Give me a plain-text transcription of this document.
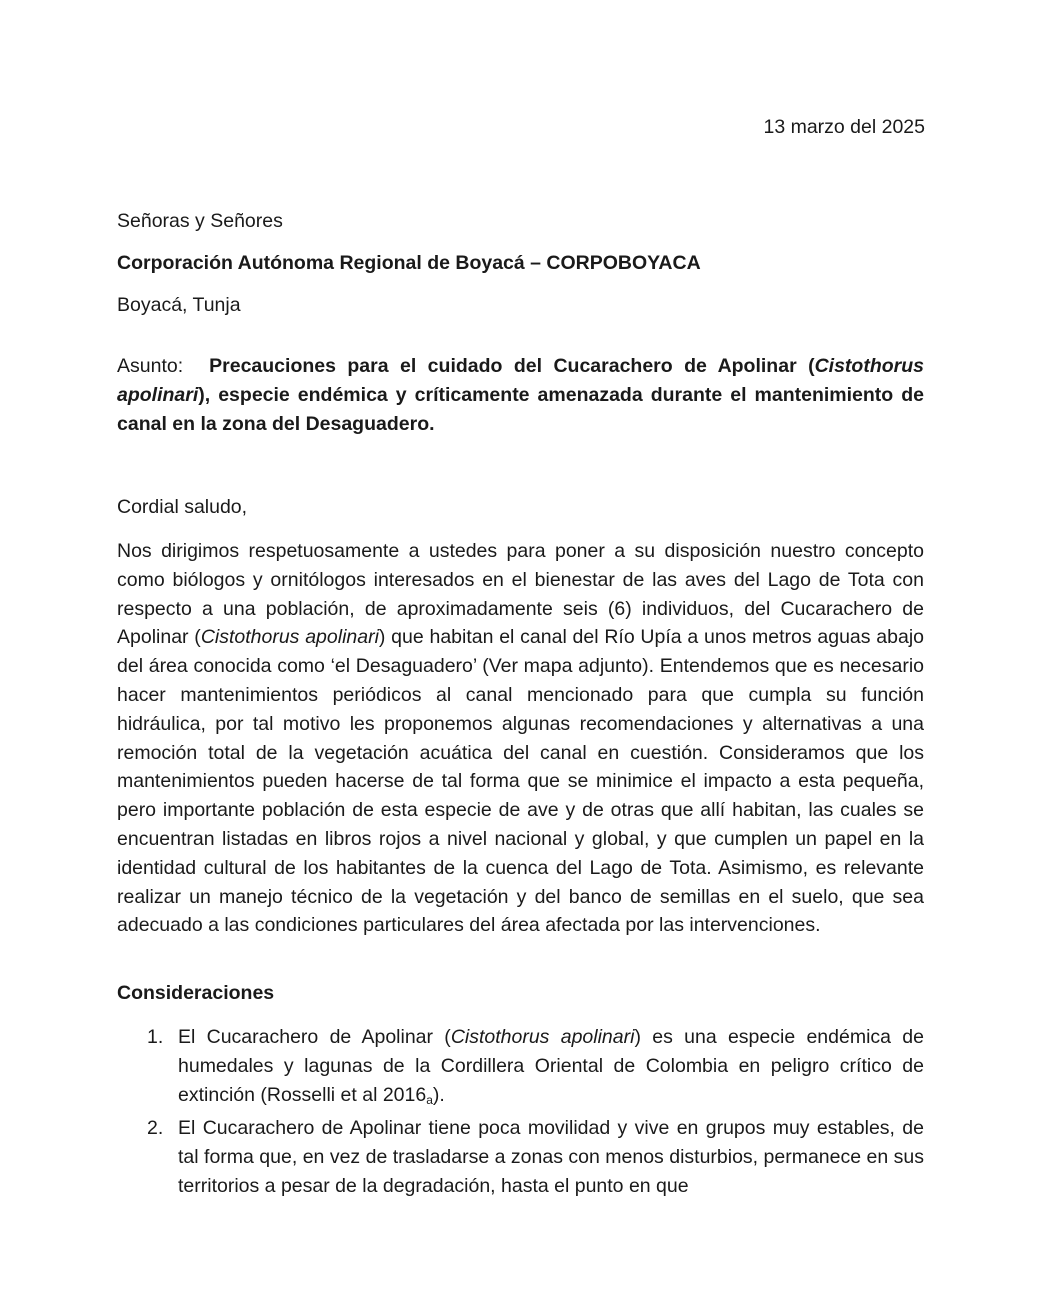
13 marzo del 2025
Señoras y Señores
Corporación Autónoma Regional de Boyacá – CORPOBOYACA
Boyacá, Tunja
Asunto: Precauciones para el cuidado del Cucarachero de Apolinar (Cistothorus apolinari), especie endémica y críticamente amenazada durante el mantenimiento de canal en la zona del Desaguadero.
Cordial saludo,
Nos dirigimos respetuosamente a ustedes para poner a su disposición nuestro concepto como biólogos y ornitólogos interesados en el bienestar de las aves del Lago de Tota con respecto a una población, de aproximadamente seis (6) individuos, del Cucarachero de Apolinar (Cistothorus apolinari) que habitan el canal del Río Upía a unos metros aguas abajo del área conocida como ‘el Desaguadero’ (Ver mapa adjunto). Entendemos que es necesario hacer mantenimientos periódicos al canal mencionado para que cumpla su función hidráulica, por tal motivo les proponemos algunas recomendaciones y alternativas a una remoción total de la vegetación acuática del canal en cuestión. Consideramos que los mantenimientos pueden hacerse de tal forma que se minimice el impacto a esta pequeña, pero importante población de esta especie de ave y de otras que allí habitan, las cuales se encuentran listadas en libros rojos a nivel nacional y global, y que cumplen un papel en la identidad cultural de los habitantes de la cuenca del Lago de Tota. Asimismo, es relevante realizar un manejo técnico de la vegetación y del banco de semillas en el suelo, que sea adecuado a las condiciones particulares del área afectada por las intervenciones.
Consideraciones
1. El Cucarachero de Apolinar (Cistothorus apolinari) es una especie endémica de humedales y lagunas de la Cordillera Oriental de Colombia en peligro crítico de extinción (Rosselli et al $2016_a$).
2. El Cucarachero de Apolinar tiene poca movilidad y vive en grupos muy estables, de tal forma que, en vez de trasladarse a zonas con menos disturbios, permanece en sus territorios a pesar de la degradación, hasta el punto en que
